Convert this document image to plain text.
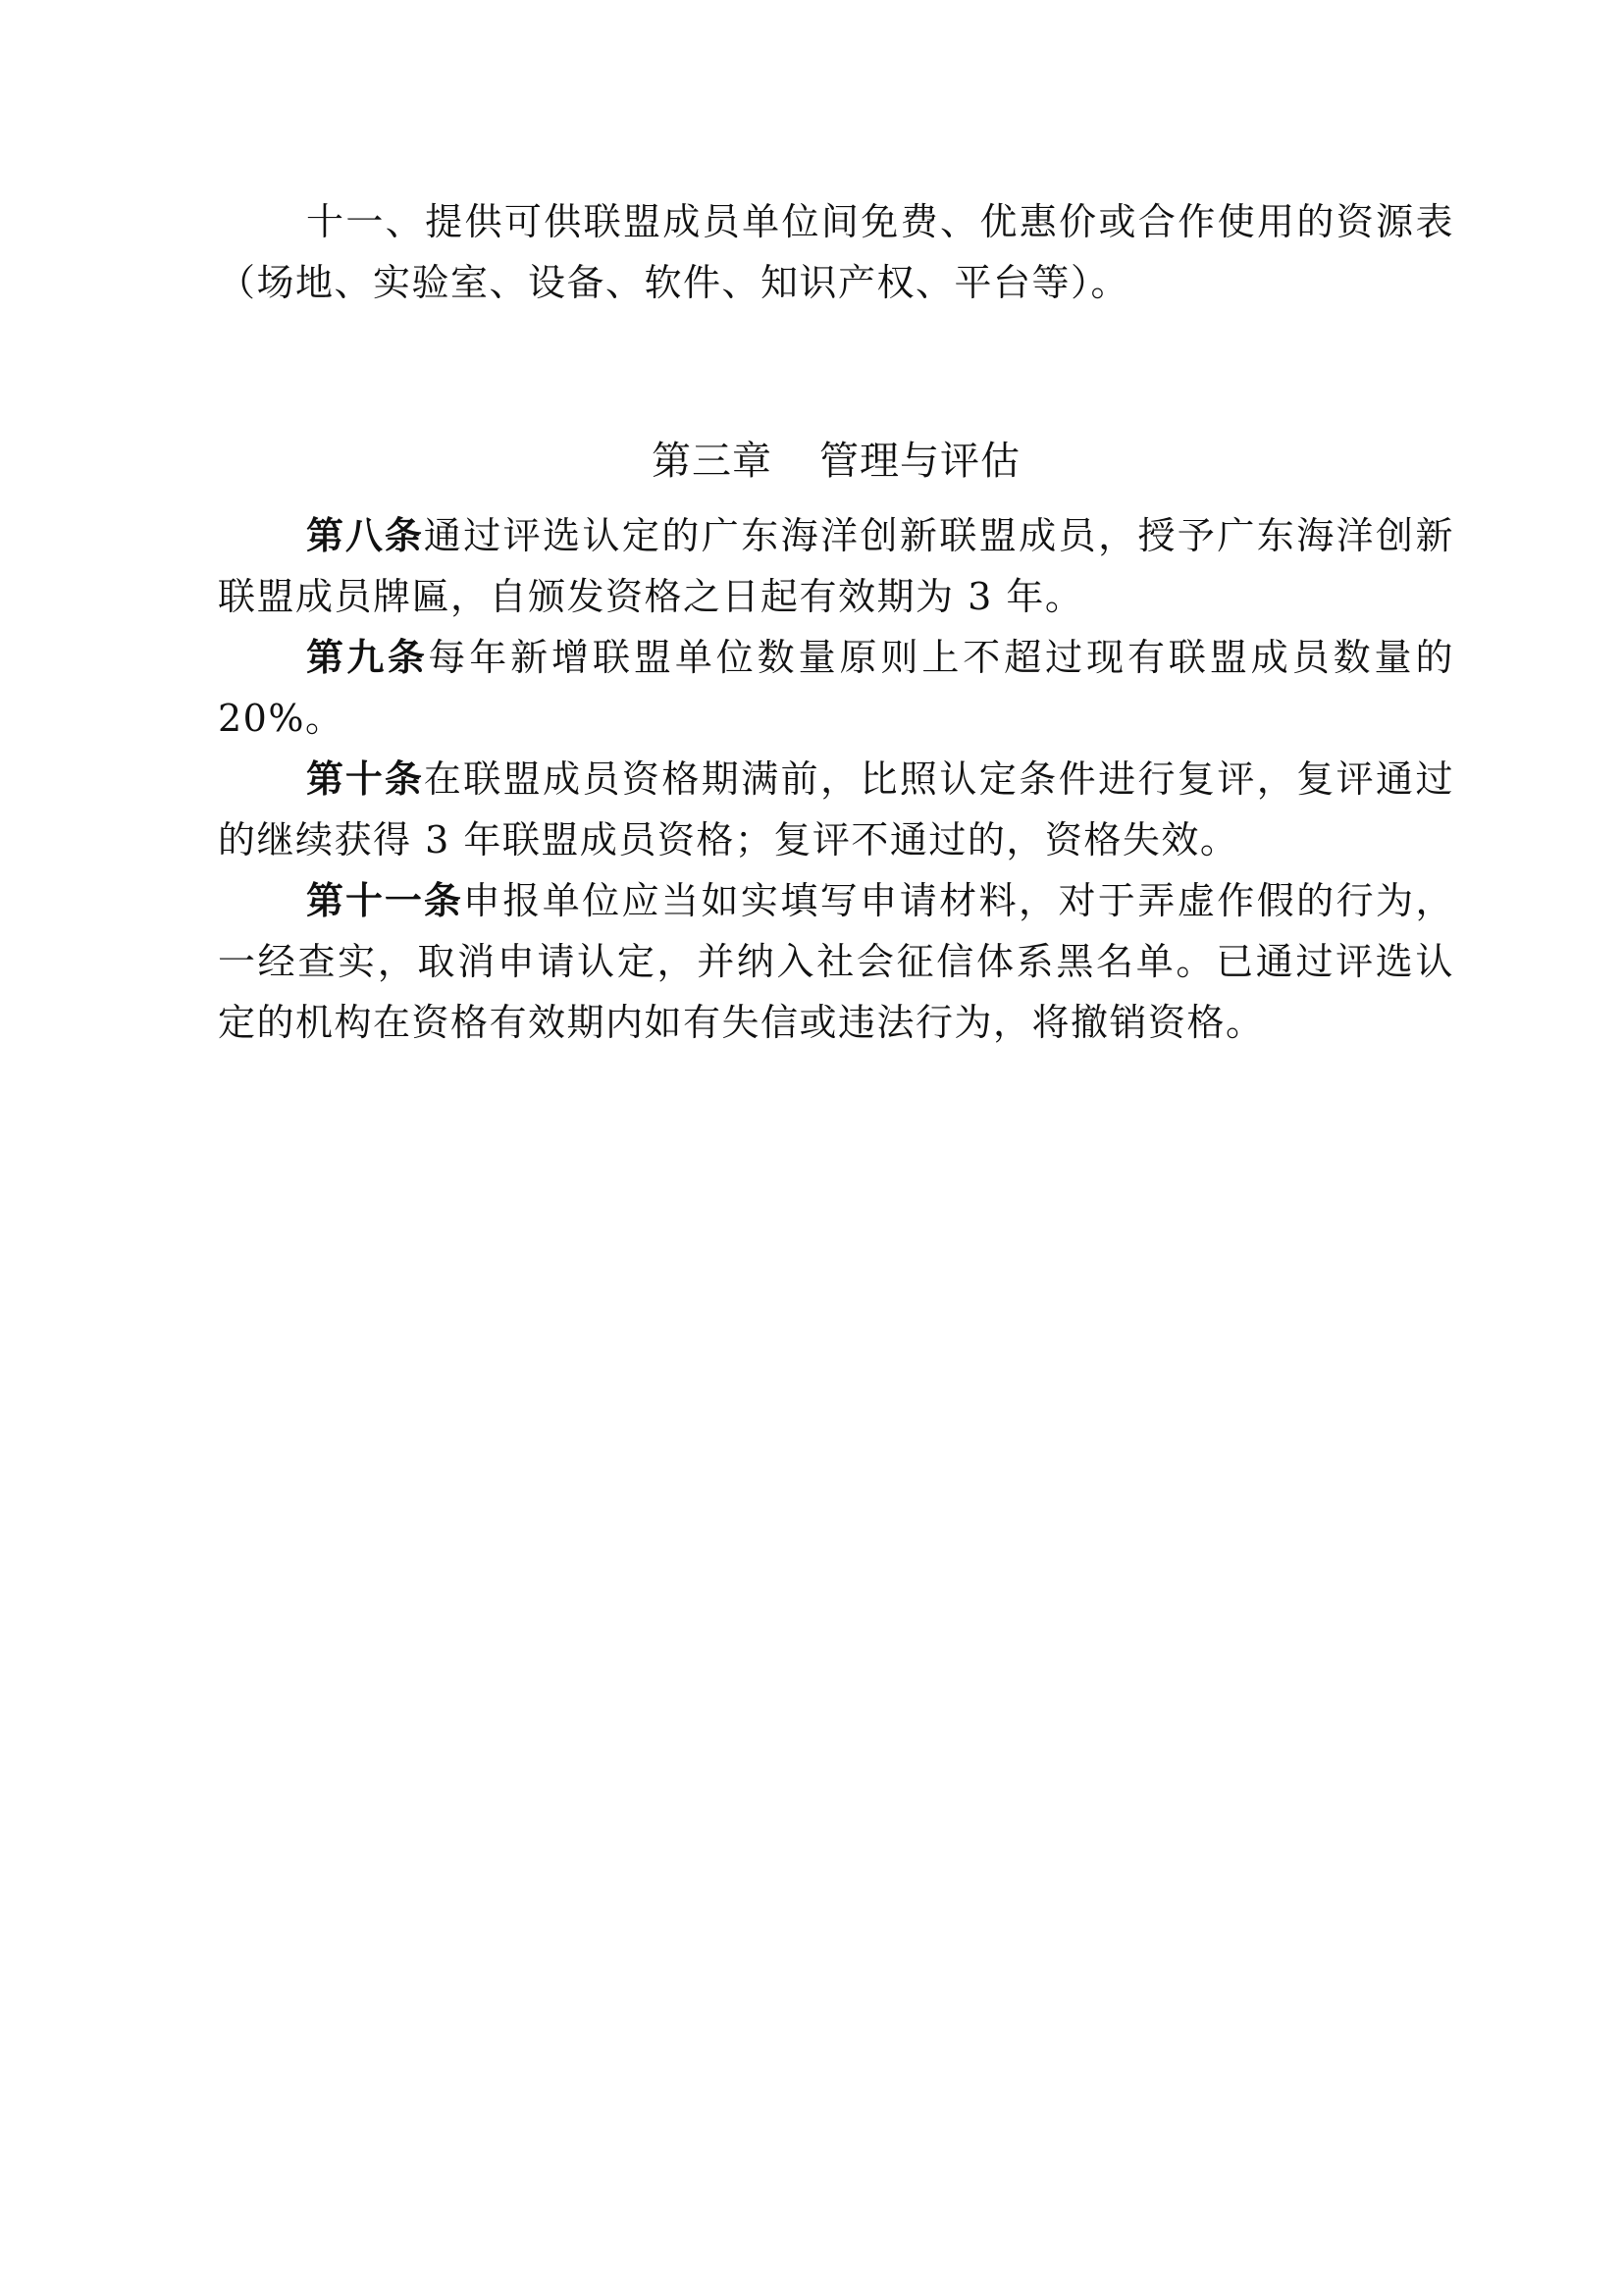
十一、提供可供联盟成员单位间免费、优惠价或合作使用的资源表（场地、实验室、设备、软件、知识产权、平台等）。

第三章 管理与评估

第八条通过评选认定的广东海洋创新联盟成员，授予广东海洋创新联盟成员牌匾，自颁发资格之日起有效期为 3 年。

第九条每年新增联盟单位数量原则上不超过现有联盟成员数量的 20%。

第十条在联盟成员资格期满前，比照认定条件进行复评，复评通过的继续获得 3 年联盟成员资格；复评不通过的，资格失效。

第十一条申报单位应当如实填写申请材料，对于弄虚作假的行为，一经查实，取消申请认定，并纳入社会征信体系黑名单。已通过评选认定的机构在资格有效期内如有失信或违法行为，将撤销资格。
